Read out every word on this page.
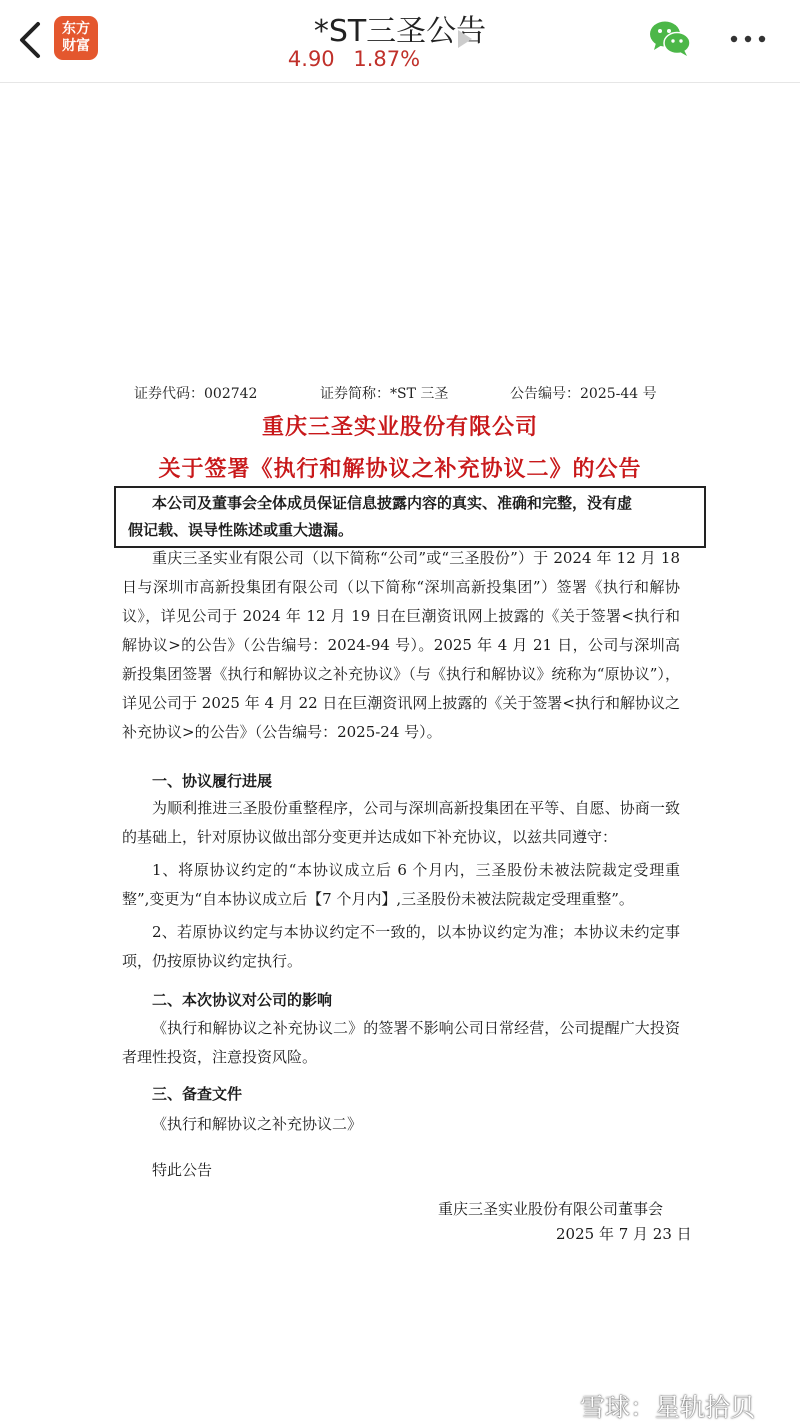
东方
财富	*ST三圣公告
4.90 1.87%

证券代码：002742

	证券简称：*ST 三圣

	公告编号：2025-44 号

重庆三圣实业股份有限公司
关于签署《执行和解协议之补充协议二》的公告
本公司及董事会全体成员保证信息披露内容的真实、准确和完整，没有虚
假记载、误导性陈述或重大遗漏。
重庆三圣实业有限公司（以下简称“公司”或“三圣股份”）于 2024 年 12 月 18 日与深圳市高新投集团有限公司（以下简称“深圳高新投集团”）签署《执行和解协议》，详见公司于 2024 年 12 月 19 日在巨潮资讯网上披露的《关于签署<执行和解协议>的公告》（公告编号：2024-94 号）。2025 年 4 月 21 日，公司与深圳高新投集团签署《执行和解协议之补充协议》（与《执行和解协议》统称为“原协议”），详见公司于 2025 年 4 月 22 日在巨潮资讯网上披露的《关于签署<执行和解协议之补充协议>的公告》（公告编号：2025-24 号）。
一、协议履行进展
为顺利推进三圣股份重整程序，公司与深圳高新投集团在平等、自愿、协商一致的基础上，针对原协议做出部分变更并达成如下补充协议，以兹共同遵守：
1、将原协议约定的“本协议成立后 6 个月内，三圣股份未被法院裁定受理重整”,变更为“自本协议成立后【7 个月内】,三圣股份未被法院裁定受理重整”。
2、若原协议约定与本协议约定不一致的，以本协议约定为准；本协议未约定事项，仍按原协议约定执行。
二、本次协议对公司的影响
《执行和解协议之补充协议二》的签署不影响公司日常经营，公司提醒广大投资者理性投资，注意投资风险。
三、备查文件
《执行和解协议之补充协议二》
特此公告
重庆三圣实业股份有限公司董事会
2025 年 7 月 23 日
雪球：星轨拾贝
